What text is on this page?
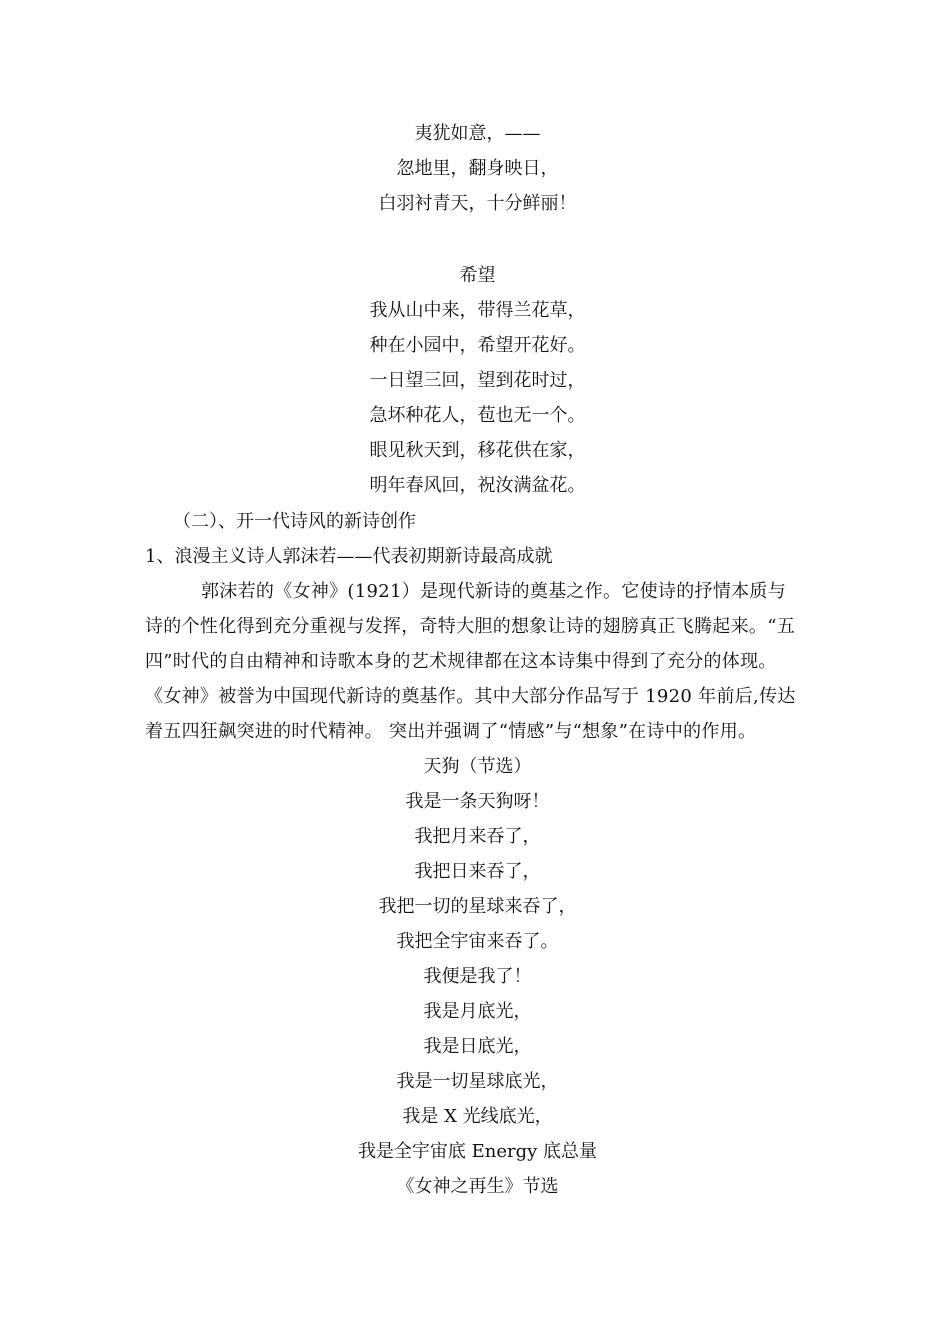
夷犹如意，——
忽地里，翻身映日，
白羽衬青天，十分鲜丽！
希望
我从山中来，带得兰花草，
种在小园中，希望开花好。
一日望三回，望到花时过，
急坏种花人，苞也无一个。
眼见秋天到，移花供在家，
明年春风回，祝汝满盆花。
（二）、开一代诗风的新诗创作
1、浪漫主义诗人郭沫若——代表初期新诗最高成就
郭沫若的《女神》(1921）是现代新诗的奠基之作。它使诗的抒情本质与
诗的个性化得到充分重视与发挥，奇特大胆的想象让诗的翅膀真正飞腾起来。“五
四”时代的自由精神和诗歌本身的艺术规律都在这本诗集中得到了充分的体现。
《女神》被誉为中国现代新诗的奠基作。其中大部分作品写于 1920 年前后,传达
着五四狂飙突进的时代精神。 突出并强调了“情感”与“想象”在诗中的作用。
天狗（节选）
我是一条天狗呀！
我把月来吞了，
我把日来吞了，
我把一切的星球来吞了，
我把全宇宙来吞了。
我便是我了！
我是月底光，
我是日底光，
我是一切星球底光，
我是 X 光线底光，
我是全宇宙底 Energy 底总量
《女神之再生》节选
